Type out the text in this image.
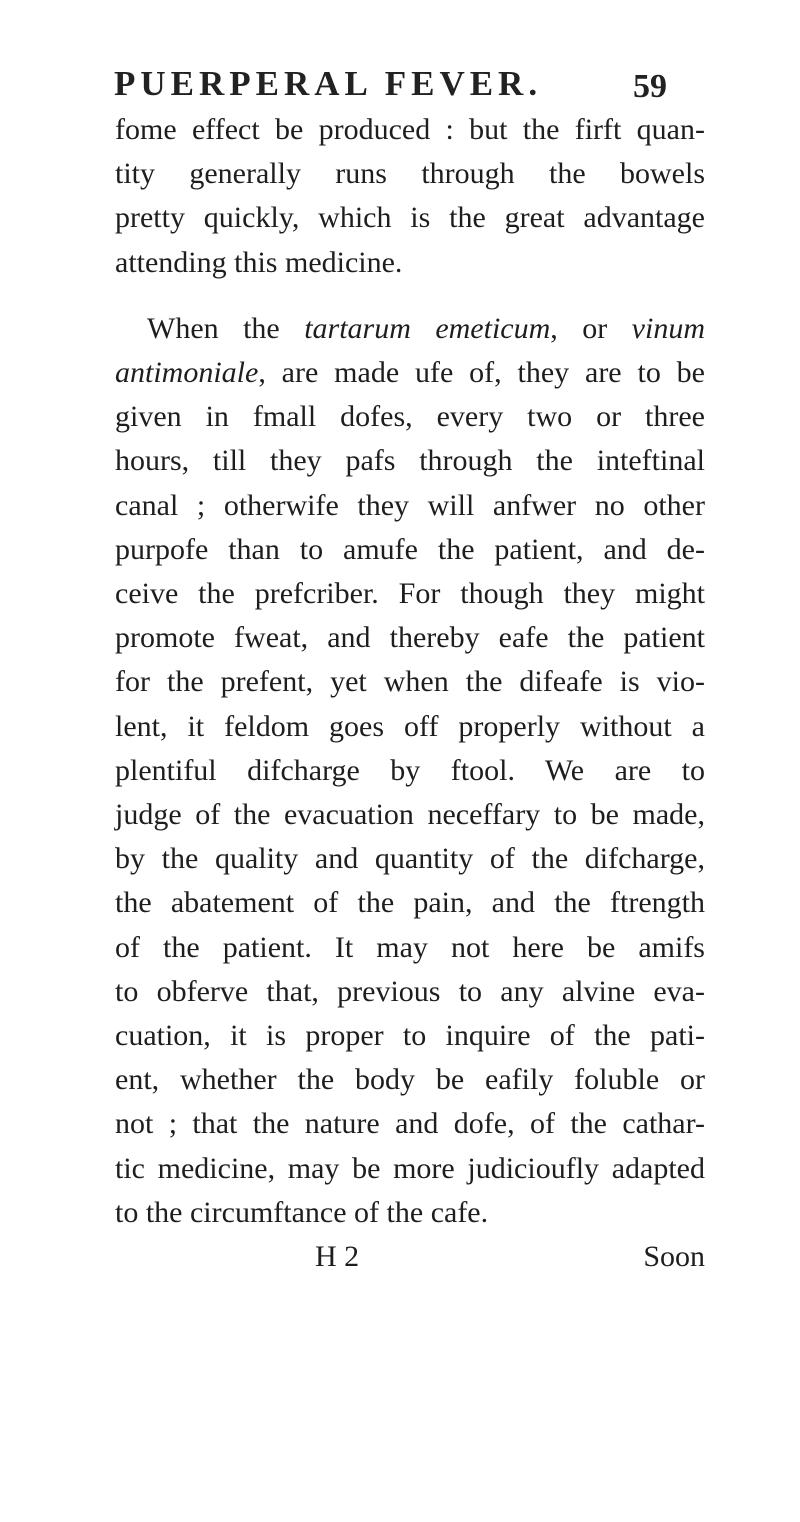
PUERPERAL FEVER.	59
fome effect be produced : but the firft quan-
tity generally runs through the bowels
pretty quickly, which is the great advantage
attending this medicine.
When the tartarum emeticum, or vinum
antimoniale, are made ufe of, they are to be
given in fmall dofes, every two or three
hours, till they pafs through the inteftinal
canal ; otherwife they will anfwer no other
purpofe than to amufe the patient, and de-
ceive the prefcriber. For though they might
promote fweat, and thereby eafe the patient
for the prefent, yet when the difeafe is vio-
lent, it feldom goes off properly without a
plentiful difcharge by ftool. We are to
judge of the evacuation neceffary to be made,
by the quality and quantity of the difcharge,
the abatement of the pain, and the ftrength
of the patient. It may not here be amifs
to obferve that, previous to any alvine eva-
cuation, it is proper to inquire of the pati-
ent, whether the body be eafily foluble or
not ; that the nature and dofe, of the cathar-
tic medicine, may be more judicioufly adapted
to the circumftance of the cafe.
H 2	Soon
